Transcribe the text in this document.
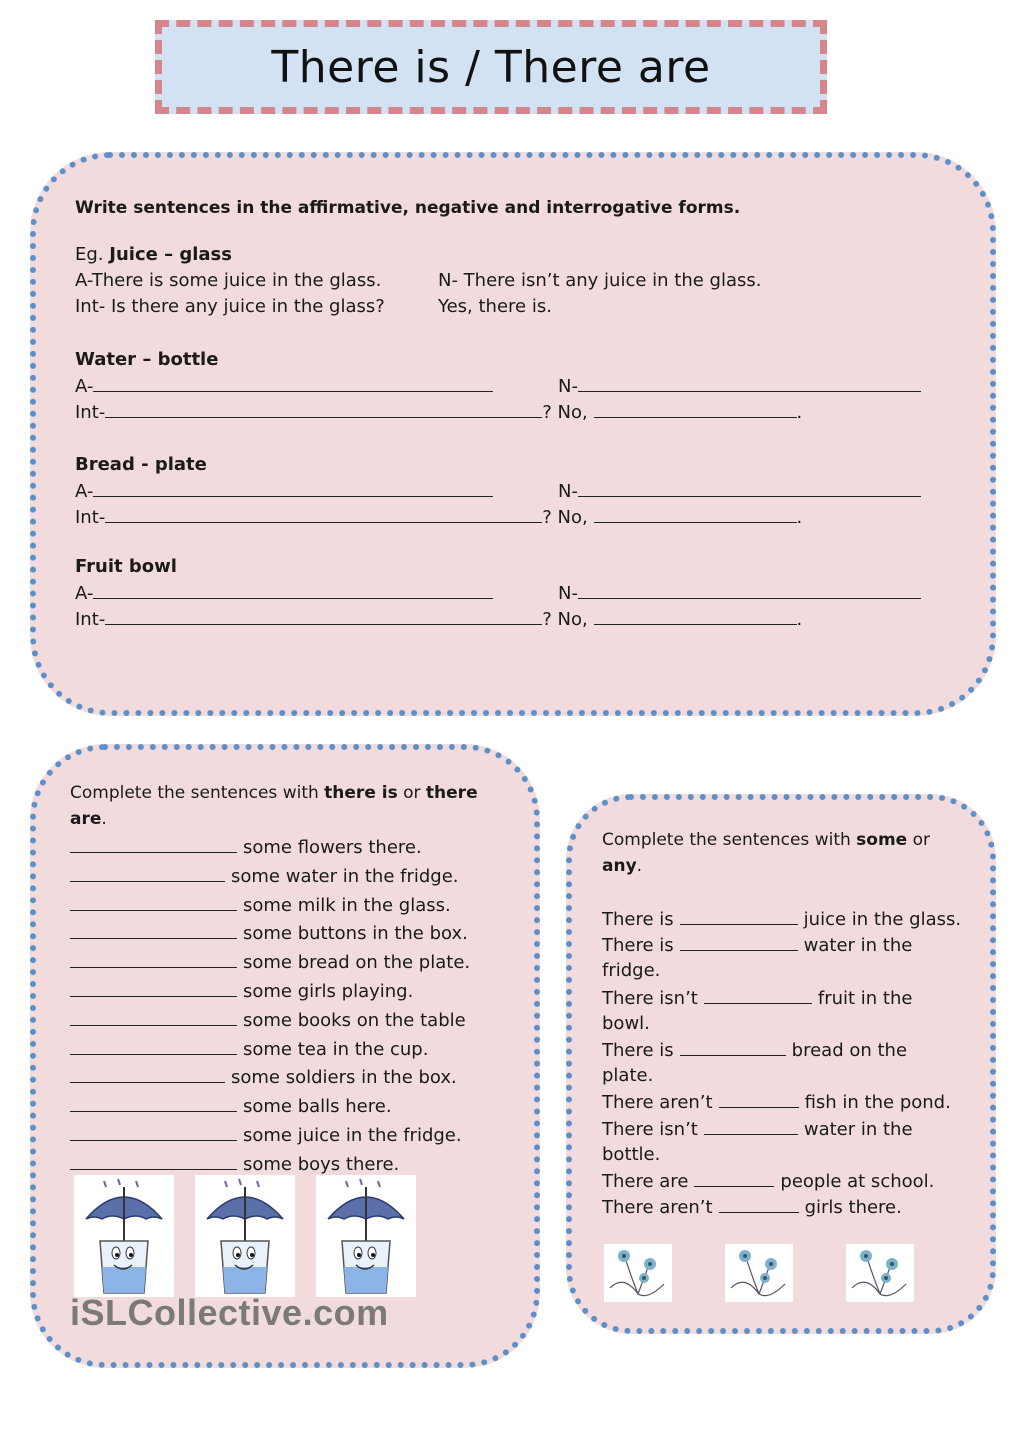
There is / There are
Write sentences in the affirmative, negative and interrogative forms.
Eg. Juice – glass
A-There is some juice in the glass.	N- There isn’t any juice in the glass.
Int- Is there any juice in the glass?	Yes, there is.
Water – bottle
A-	N-
Int-	? No,	.
Bread - plate
A-	N-
Int-	? No,	.
Fruit bowl
A-	N-
Int-	? No,	.
Complete the sentences with there is or there
are.
some flowers there.
some water in the fridge.
some milk in the glass.
some buttons in the box.
some bread on the plate.
some girls playing.
some books on the table
some tea in the cup.
some soldiers in the box.
some balls here.
some juice in the fridge.
some boys there.
iSLCollective.com
Complete the sentences with some or
any.
There is	juice in the glass.
There is	water in the
fridge.
There isn’t	fruit in the
bowl.
There is	bread on the
plate.
There aren’t	fish in the pond.
There isn’t	water in the
bottle.
There are	people at school.
There aren’t	girls there.
